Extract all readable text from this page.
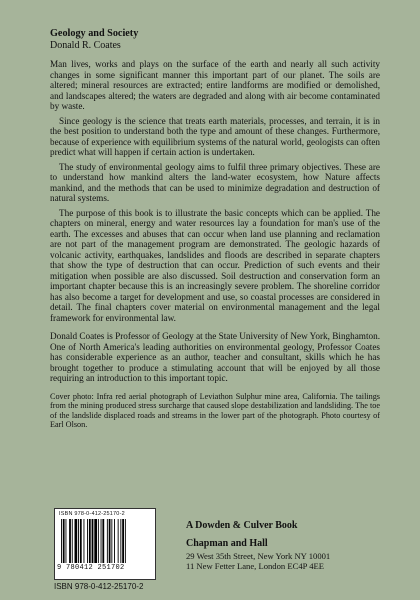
Geology and Society

Donald R. Coates

Man lives, works and plays on the surface of the earth and nearly all such activity changes in some significant manner this important part of our planet. The soils are altered; mineral resources are extracted; entire landforms are modified or demolished, and landscapes altered; the waters are degraded and along with air become contaminated by waste.

Since geology is the science that treats earth materials, processes, and terrain, it is in the best position to understand both the type and amount of these changes. Furthermore, because of experience with equilibrium systems of the natural world, geologists can often predict what will happen if certain action is undertaken.

The study of environmental geology aims to fulfil three primary objectives. These are to understand how mankind alters the land-water ecosystem, how Nature affects mankind, and the methods that can be used to minimize degradation and destruction of natural systems.

The purpose of this book is to illustrate the basic concepts which can be applied. The chapters on mineral, energy and water resources lay a foundation for man's use of the earth. The excesses and abuses that can occur when land use planning and reclamation are not part of the management program are demonstrated. The geologic hazards of volcanic activity, earthquakes, landslides and floods are described in separate chapters that show the type of destruction that can occur. Prediction of such events and their mitigation when possible are also discussed. Soil destruction and conservation form an important chapter because this is an increasingly severe problem. The shoreline corridor has also become a target for development and use, so coastal processes are considered in detail. The final chapters cover material on environmental management and the legal framework for environmental law.

Donald Coates is Professor of Geology at the State University of New York, Binghamton. One of North America's leading authorities on environmental geology, Professor Coates has considerable experience as an author, teacher and consultant, skills which he has brought together to produce a stimulating account that will be enjoyed by all those requiring an introduction to this important topic.

Cover photo: Infra red aerial photograph of Leviathon Sulphur mine area, California. The tailings from the mining produced stress surcharge that caused slope destabilization and landsliding. The toe of the landslide displaced roads and streams in the lower part of the photograph. Photo courtesy of Earl Olson.

ISBN 978-0-412-25170-2
9 780412 251702
ISBN 978-0-412-25170-2

A Dowden & Culver Book

Chapman and Hall

29 West 35th Street, New York NY 10001

11 New Fetter Lane, London EC4P 4EE
